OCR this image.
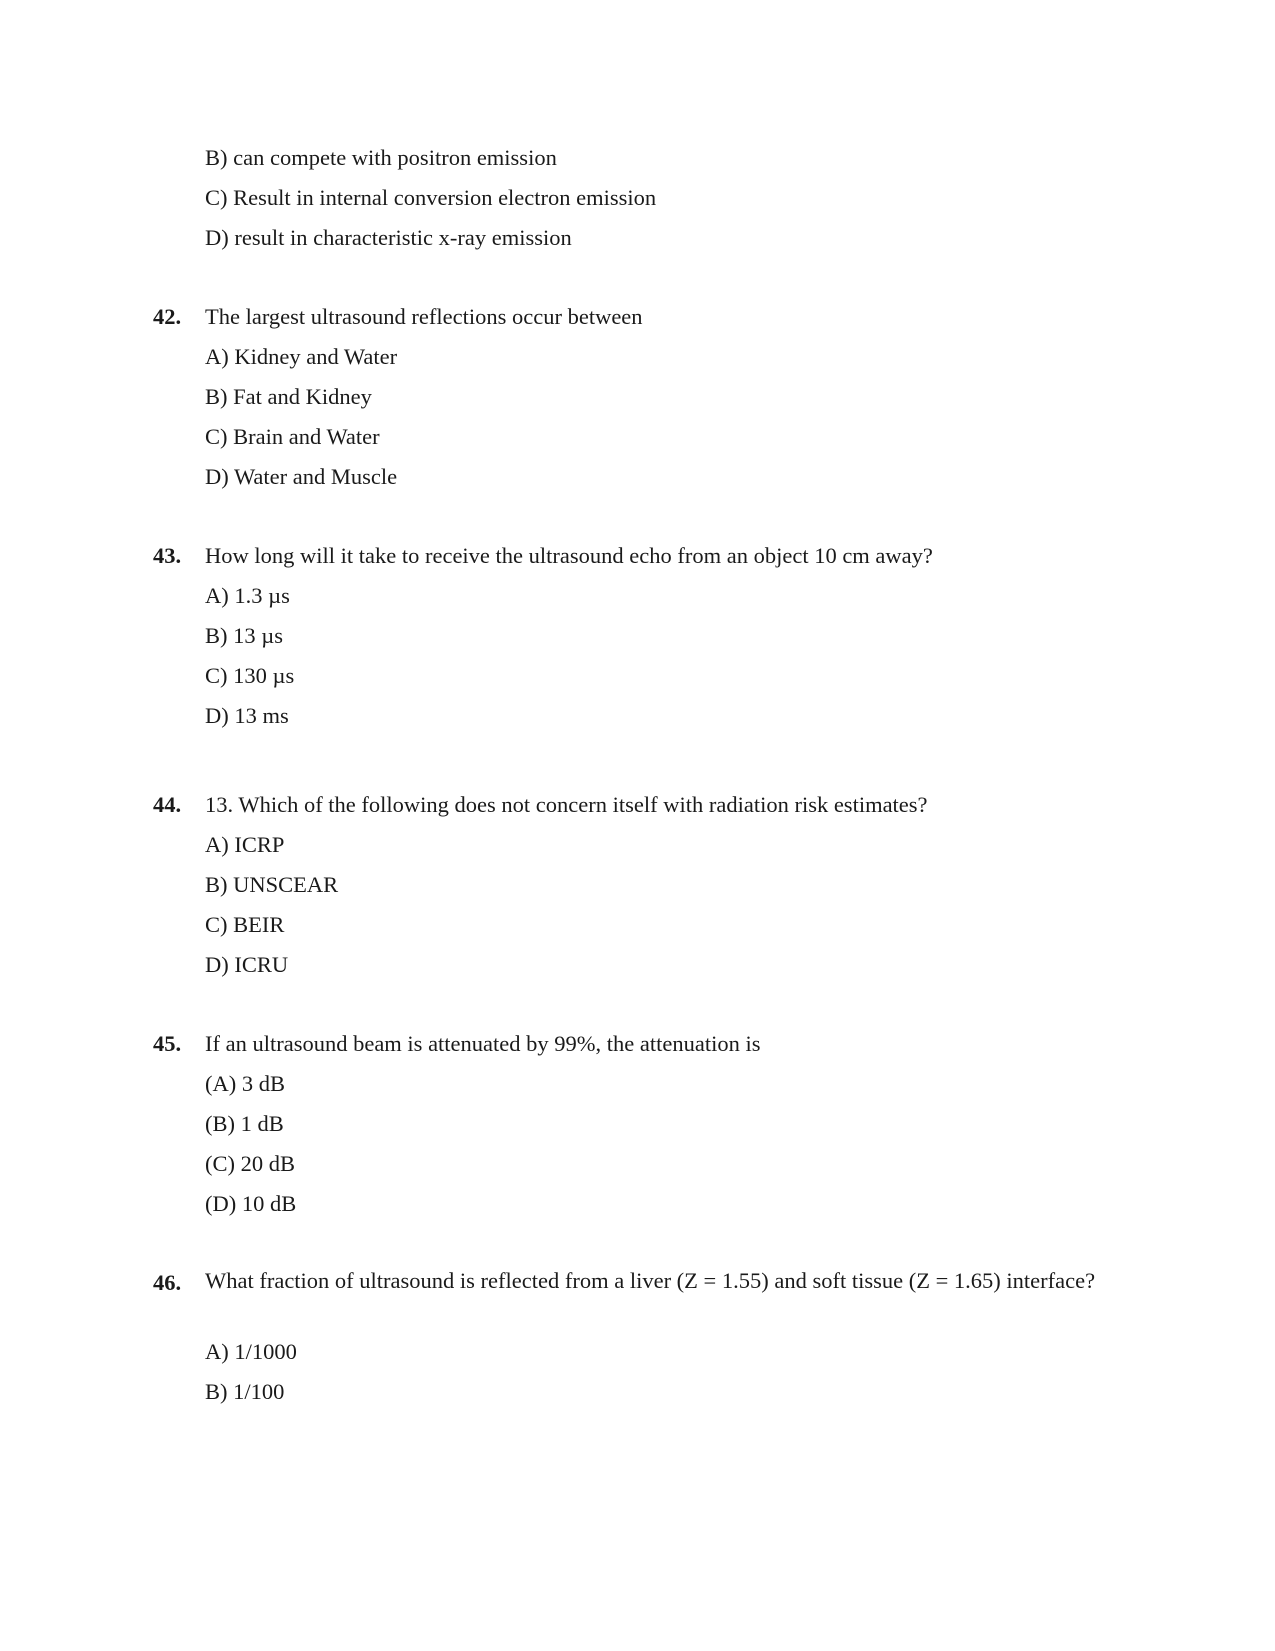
B) can compete with positron emission
C) Result in internal conversion electron emission
D) result in characteristic x-ray emission
42. The largest ultrasound reflections occur between
A) Kidney and Water
B) Fat and Kidney
C) Brain and Water
D) Water and Muscle
43. How long will it take to receive the ultrasound echo from an object 10 cm away?
A) 1.3 µs
B) 13 µs
C) 130 µs
D) 13 ms
44. 13. Which of the following does not concern itself with radiation risk estimates?
A) ICRP
B) UNSCEAR
C) BEIR
D) ICRU
45. If an ultrasound beam is attenuated by 99%, the attenuation is
(A) 3 dB
(B) 1 dB
(C) 20 dB
(D) 10 dB
46. What fraction of ultrasound is reflected from a liver (Z = 1.55) and soft tissue (Z = 1.65) interface?
A) 1/1000
B) 1/100
